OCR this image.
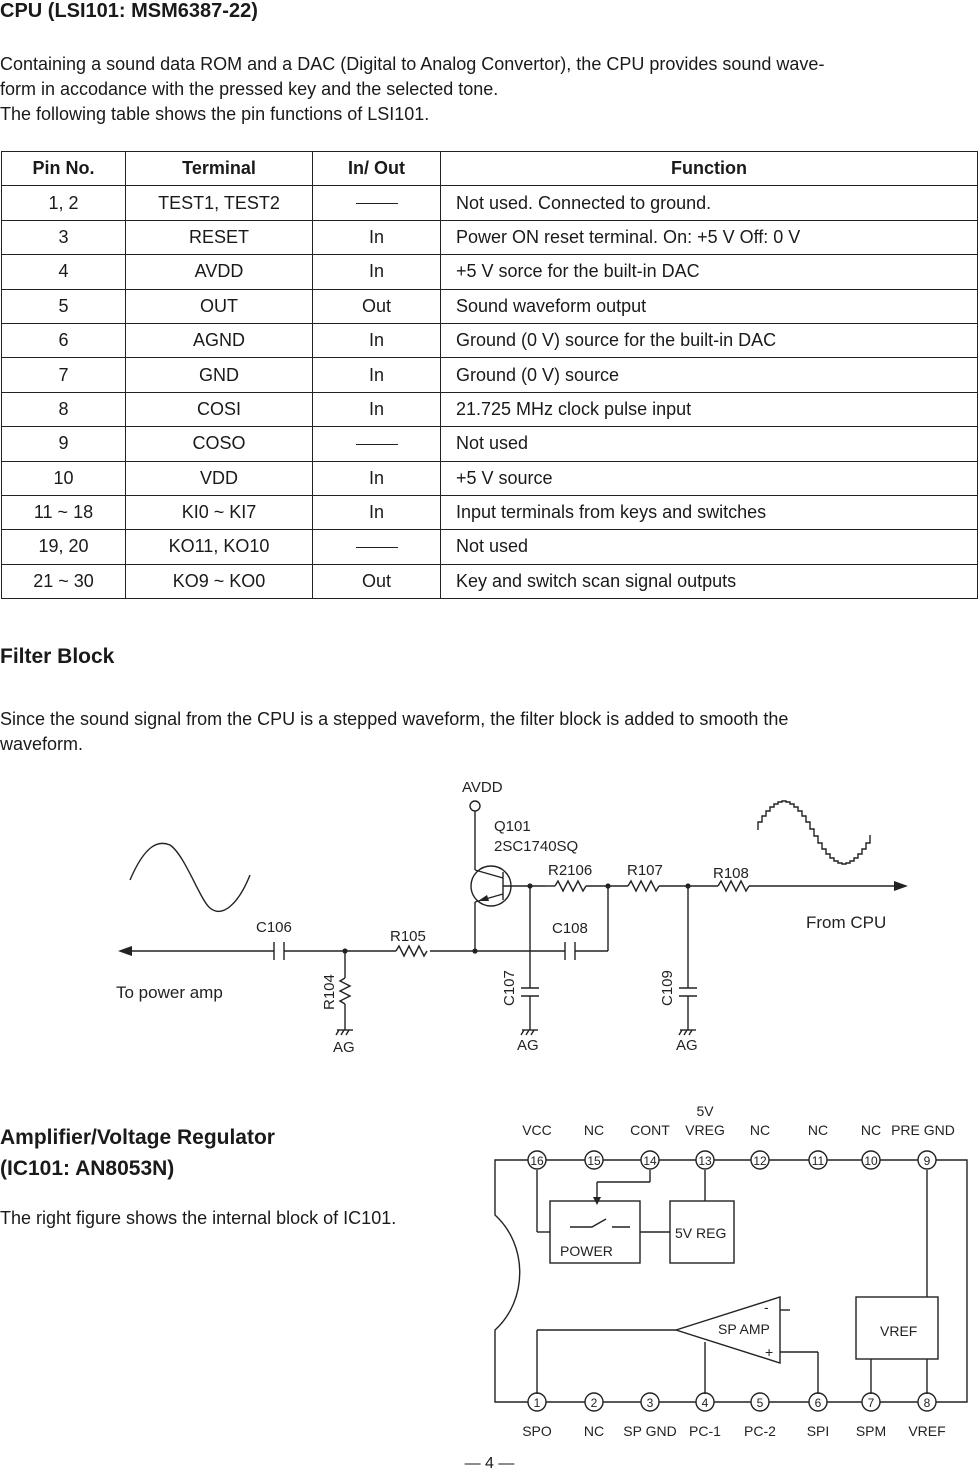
CPU (LSI101: MSM6387-22)
Containing a sound data ROM and a DAC (Digital to Analog Convertor), the CPU provides sound wave-
form in accodance with the pressed key and the selected tone.
The following table shows the pin functions of LSI101.
Pin No.	Terminal	In/ Out	Function
1, 2	TEST1, TEST2		Not used. Connected to ground.
3	RESET	In	Power ON reset terminal. On: +5 V Off: 0 V
4	AVDD	In	+5 V sorce for the built-in DAC
5	OUT	Out	Sound waveform output
6	AGND	In	Ground (0 V) source for the built-in DAC
7	GND	In	Ground (0 V) source
8	COSI	In	21.725 MHz clock pulse input
9	COSO		Not used
10	VDD	In	+5 V source
11 ~ 18	KI0 ~ KI7	In	Input terminals from keys and switches
19, 20	KO11, KO10		Not used
21 ~ 30	KO9 ~ KO0	Out	Key and switch scan signal outputs
Filter Block
Since the sound signal from the CPU is a stepped waveform, the filter block is added to smooth the
waveform.
AVDD
Q101
2SC1740SQ
R2106 R107	R108
C106
R105	C108	From CPU
To power amp	R104	C107	C109
AG	AG	AG
Amplifier/Voltage Regulator
(IC101: AN8053N)
The right figure shows the internal block of IC101.
POWER
5V REG
SP AMP
-
+
VREF
16
VCC
15
NC
14
CONT
13
VREG
5V
12
NC
11
NC
10
NC
9
PRE GND
1
SPO
2
NC
3
SP GND
4
PC-1
5
PC-2
6
SPI
7
SPM
8
VREF
— 4 —
